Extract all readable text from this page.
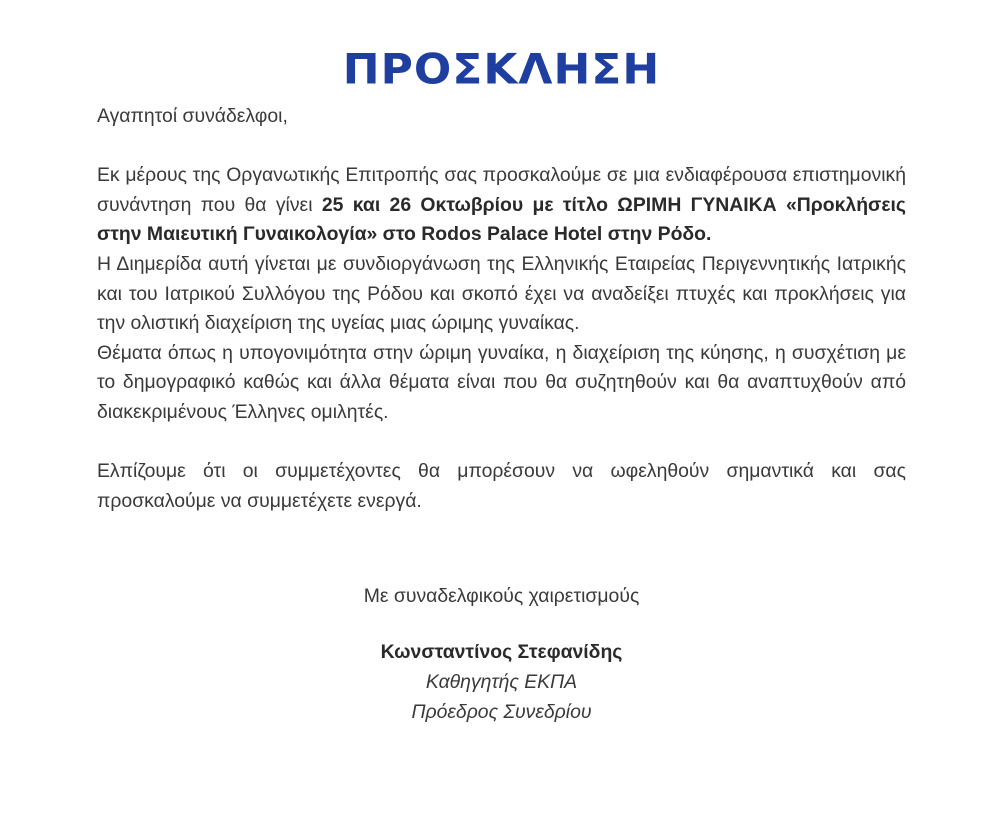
ΠΡΟΣΚΛΗΣΗ

Αγαπητοί συνάδελφοι,

Εκ μέρους της Οργανωτικής Επιτροπής σας προσκαλούμε σε μια ενδιαφέρουσα επιστημονική συνάντηση που θα γίνει 25 και 26 Οκτωβρίου με τίτλο ΩΡΙΜΗ ΓΥΝΑΙΚΑ «Προκλήσεις στην Μαιευτική Γυναικολογία» στο Rodos Palace Hotel στην Ρόδο.

Η Διημερίδα αυτή γίνεται με συνδιοργάνωση της Ελληνικής Εταιρείας Περιγεννητικής Ιατρικής και του Ιατρικού Συλλόγου της Ρόδου και σκοπό έχει να αναδείξει πτυχές και προκλήσεις για την ολιστική διαχείριση της υγείας μιας ώριμης γυναίκας.

Θέματα όπως η υπογονιμότητα στην ώριμη γυναίκα, η διαχείριση της κύησης, η συσχέτιση με το δημογραφικό καθώς και άλλα θέματα είναι που θα συζητηθούν και θα αναπτυχθούν από διακεκριμένους Έλληνες ομιλητές.

Ελπίζουμε ότι οι συμμετέχοντες θα μπορέσουν να ωφεληθούν σημαντικά και σας προσκαλούμε να συμμετέχετε ενεργά.

Με συναδελφικούς χαιρετισμούς

Κωνσταντίνος Στεφανίδης

Καθηγητής ΕΚΠΑ

Πρόεδρος Συνεδρίου
